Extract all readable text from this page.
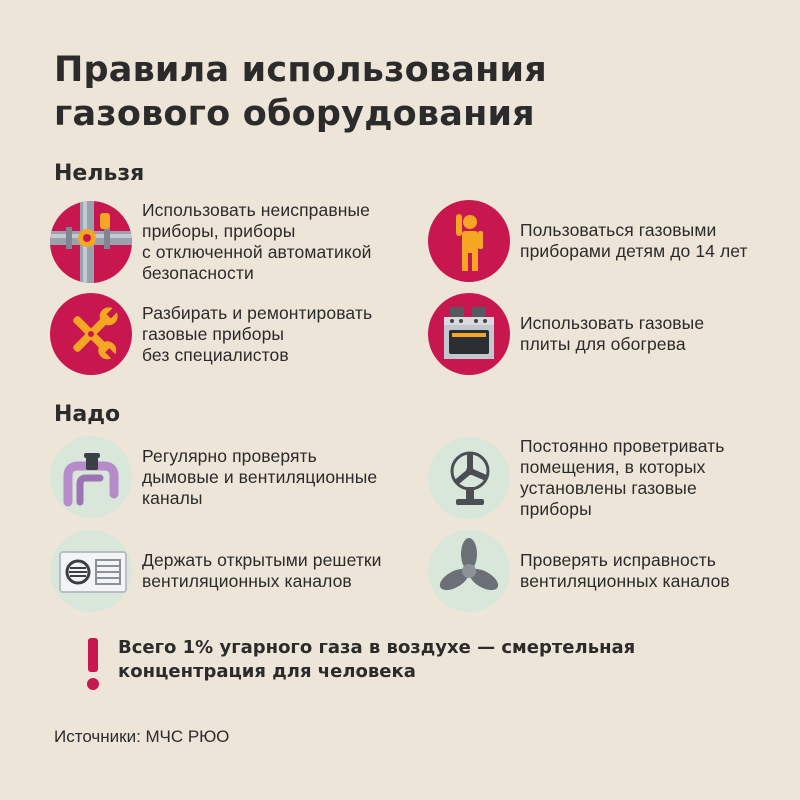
Правила использования
газового оборудования
Нельзя
Использовать неисправные
приборы, приборы
с отключенной автоматикой
безопасности
Пользоваться газовыми
приборами детям до 14 лет
Разбирать и ремонтировать
газовые приборы
без специалистов
Использовать газовые
плиты для обогрева
Надо
Регулярно проверять
дымовые и вентиляционные
каналы
Постоянно проветривать
помещения, в которых
установлены газовые
приборы
Держать открытыми решетки
вентиляционных каналов
Проверять исправность
вентиляционных каналов
Всего 1% угарного газа в воздухе — смертельная
концентрация для человека
Источники: МЧС РЮО
